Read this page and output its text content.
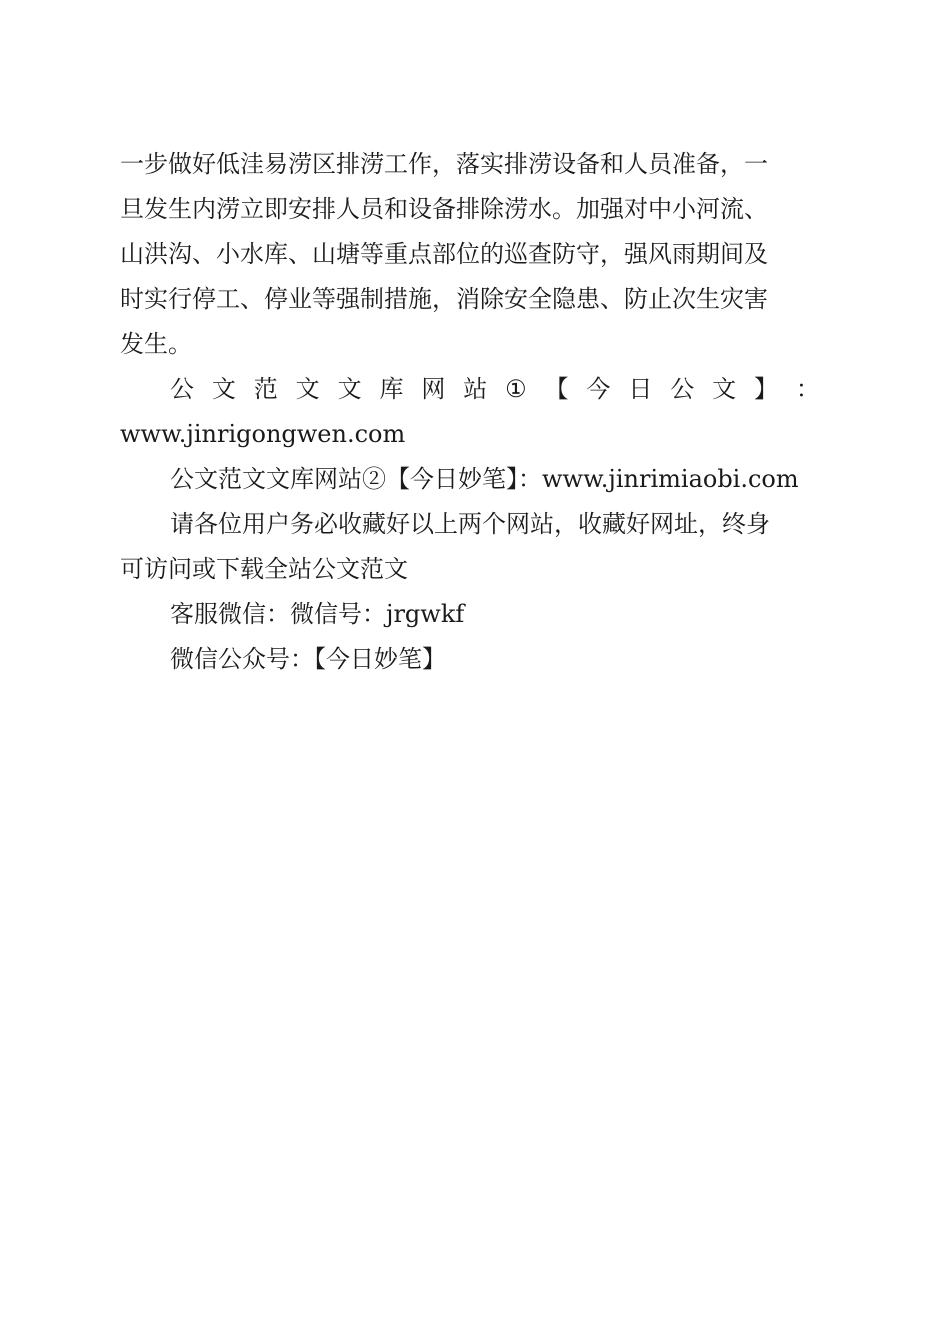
一步做好低洼易涝区排涝工作，落实排涝设备和人员准备，一
旦发生内涝立即安排人员和设备排除涝水。加强对中小河流、
山洪沟、小水库、山塘等重点部位的巡查防守，强风雨期间及
时实行停工、停业等强制措施，消除安全隐患、防止次生灾害
发生。
公 文 范 文 文 库 网 站 ① 【 今 日 公 文 】 ：
www.jinrigongwen.com
公文范文文库网站②【今日妙笔】：www.jinrimiaobi.com
请各位用户务必收藏好以上两个网站，收藏好网址，终身
可访问或下载全站公文范文
客服微信：微信号：jrgwkf
微信公众号：【今日妙笔】
